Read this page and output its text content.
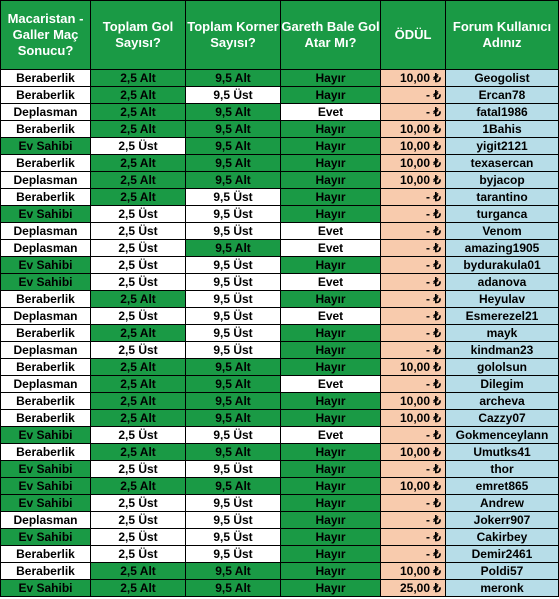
Macaristan - Galler Maç Sonucu?	Toplam Gol Sayısı?	Toplam Korner Sayısı?	Gareth Bale Gol Atar Mı?	ÖDÜL	Forum Kullanıcı Adınız
Beraberlik	2,5 Alt	9,5 Alt	Hayır	10,00 ₺	Geogolist
Beraberlik	2,5 Alt	9,5 Üst	Hayır	- ₺	Ercan78
Deplasman	2,5 Alt	9,5 Alt	Evet	- ₺	fatal1986
Beraberlik	2,5 Alt	9,5 Alt	Hayır	10,00 ₺	1Bahis
Ev Sahibi	2,5 Üst	9,5 Alt	Hayır	10,00 ₺	yigit2121
Beraberlik	2,5 Alt	9,5 Alt	Hayır	10,00 ₺	texasercan
Deplasman	2,5 Alt	9,5 Alt	Hayır	10,00 ₺	byjacop
Beraberlik	2,5 Alt	9,5 Üst	Hayır	- ₺	tarantino
Ev Sahibi	2,5 Üst	9,5 Üst	Hayır	- ₺	turganca
Deplasman	2,5 Üst	9,5 Üst	Evet	- ₺	Venom
Deplasman	2,5 Üst	9,5 Alt	Evet	- ₺	amazing1905
Ev Sahibi	2,5 Üst	9,5 Üst	Hayır	- ₺	bydurakula01
Ev Sahibi	2,5 Üst	9,5 Üst	Evet	- ₺	adanova
Beraberlik	2,5 Alt	9,5 Üst	Hayır	- ₺	Heyulav
Deplasman	2,5 Üst	9,5 Üst	Evet	- ₺	Esmerezel21
Beraberlik	2,5 Alt	9,5 Üst	Hayır	- ₺	mayk
Deplasman	2,5 Üst	9,5 Üst	Hayır	- ₺	kindman23
Beraberlik	2,5 Alt	9,5 Alt	Hayır	10,00 ₺	gololsun
Deplasman	2,5 Alt	9,5 Alt	Evet	- ₺	Dilegim
Beraberlik	2,5 Alt	9,5 Alt	Hayır	10,00 ₺	archeva
Beraberlik	2,5 Alt	9,5 Alt	Hayır	10,00 ₺	Cazzy07
Ev Sahibi	2,5 Üst	9,5 Üst	Evet	- ₺	Gokmenceylann
Beraberlik	2,5 Alt	9,5 Alt	Hayır	10,00 ₺	Umutks41
Ev Sahibi	2,5 Üst	9,5 Üst	Hayır	- ₺	thor
Ev Sahibi	2,5 Alt	9,5 Alt	Hayır	10,00 ₺	emret865
Ev Sahibi	2,5 Üst	9,5 Üst	Hayır	- ₺	Andrew
Deplasman	2,5 Üst	9,5 Üst	Hayır	- ₺	Jokerr907
Ev Sahibi	2,5 Üst	9,5 Üst	Hayır	- ₺	Cakirbey
Beraberlik	2,5 Üst	9,5 Üst	Hayır	- ₺	Demir2461
Beraberlik	2,5 Alt	9,5 Alt	Hayır	10,00 ₺	Poldi57
Ev Sahibi	2,5 Alt	9,5 Alt	Hayır	25,00 ₺	meronk
